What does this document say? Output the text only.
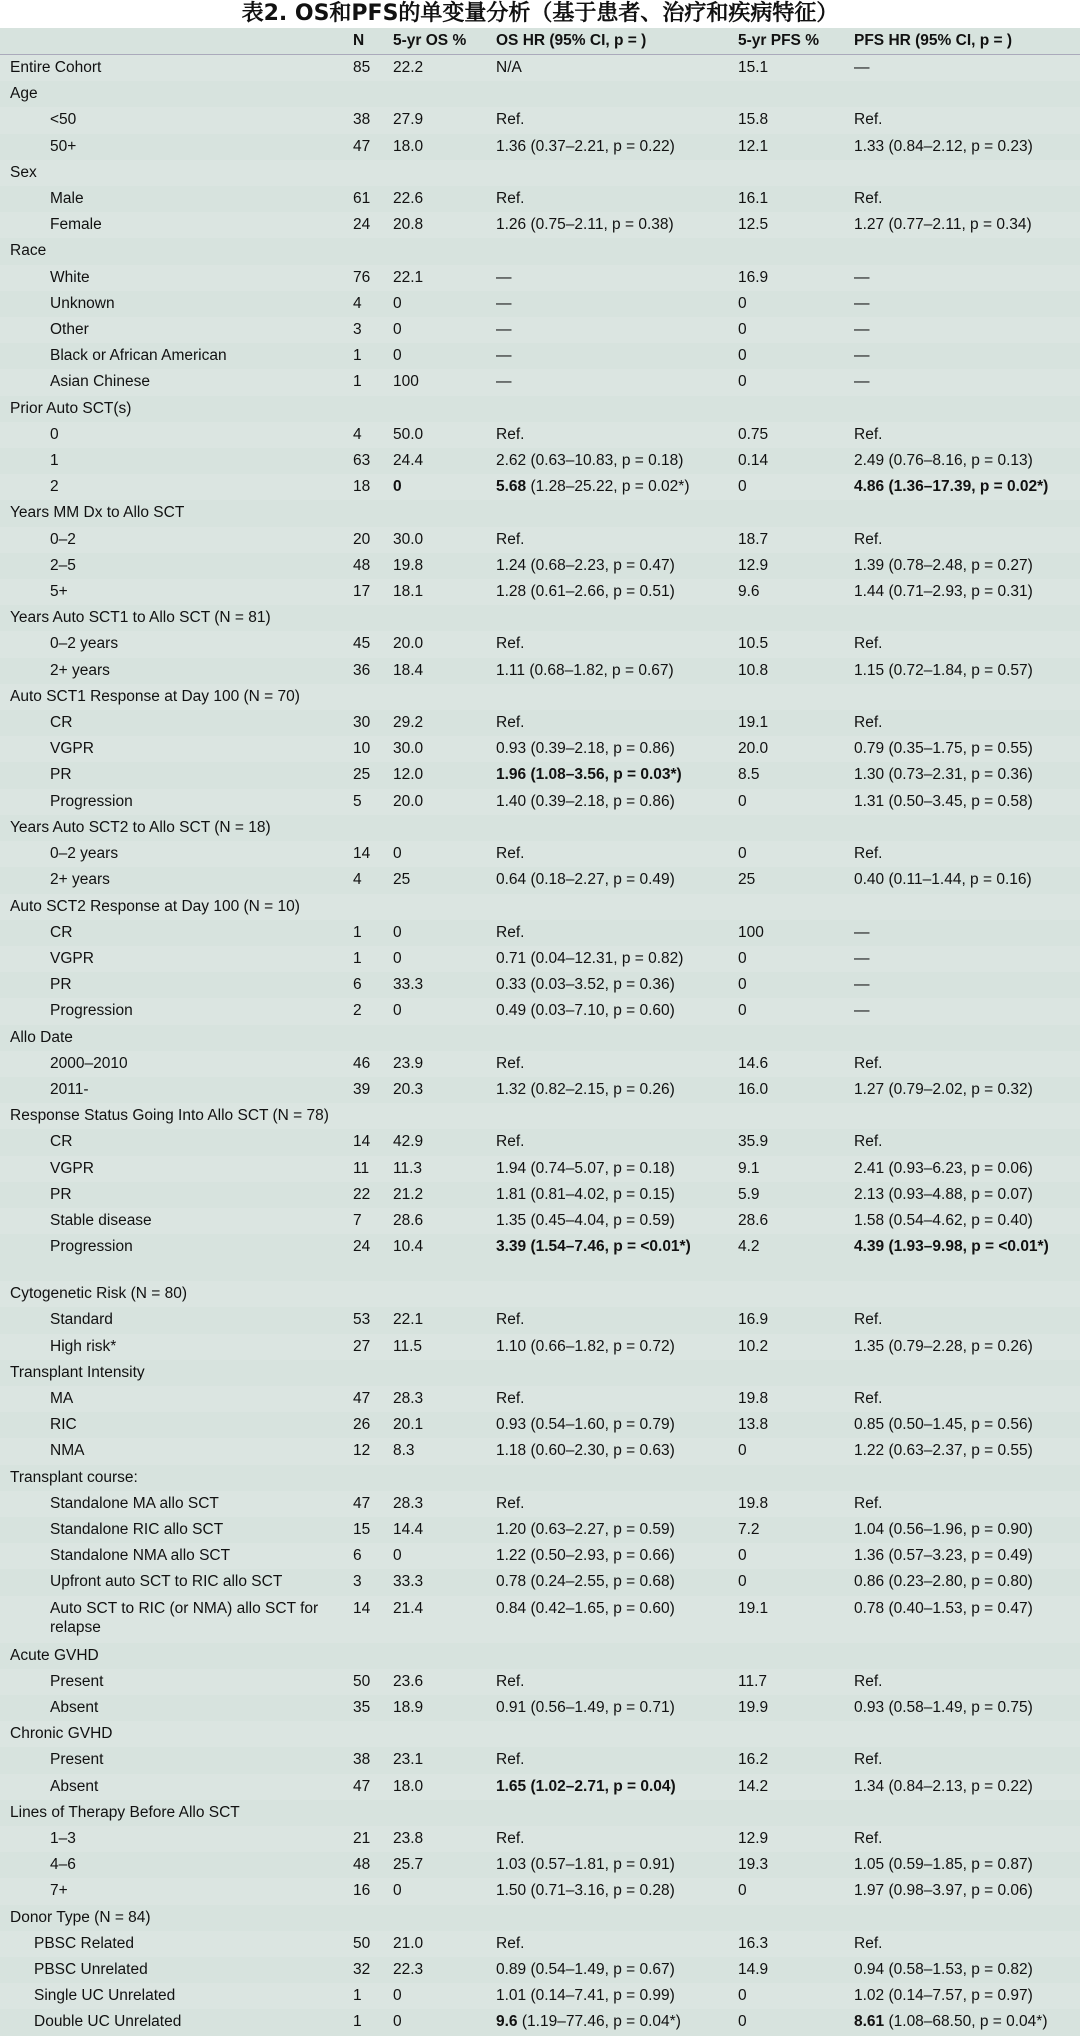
表2. OS和PFS的单变量分析（基于患者、治疗和疾病特征）
	N	5-yr OS %	OS HR (95% CI, p = )	5-yr PFS %	PFS HR (95% CI, p = )
Entire Cohort	85	22.2	N/A	15.1	—
Age					
<50	38	27.9	Ref.	15.8	Ref.
50+	47	18.0	1.36 (0.37–2.21, p = 0.22)	12.1	1.33 (0.84–2.12, p = 0.23)
Sex					
Male	61	22.6	Ref.	16.1	Ref.
Female	24	20.8	1.26 (0.75–2.11, p = 0.38)	12.5	1.27 (0.77–2.11, p = 0.34)
Race					
White	76	22.1	—	16.9	—
Unknown	4	0	—	0	—
Other	3	0	—	0	—
Black or African American	1	0	—	0	—
Asian Chinese	1	100	—	0	—
Prior Auto SCT(s)					
0	4	50.0	Ref.	0.75	Ref.
1	63	24.4	2.62 (0.63–10.83, p = 0.18)	0.14	2.49 (0.76–8.16, p = 0.13)
2	18	0	5.68 (1.28–25.22, p = 0.02*)	0	4.86 (1.36–17.39, p = 0.02*)
Years MM Dx to Allo SCT					
0–2	20	30.0	Ref.	18.7	Ref.
2–5	48	19.8	1.24 (0.68–2.23, p = 0.47)	12.9	1.39 (0.78–2.48, p = 0.27)
5+	17	18.1	1.28 (0.61–2.66, p = 0.51)	9.6	1.44 (0.71–2.93, p = 0.31)
Years Auto SCT1 to Allo SCT (N = 81)					
0–2 years	45	20.0	Ref.	10.5	Ref.
2+ years	36	18.4	1.11 (0.68–1.82, p = 0.67)	10.8	1.15 (0.72–1.84, p = 0.57)
Auto SCT1 Response at Day 100 (N = 70)					
CR	30	29.2	Ref.	19.1	Ref.
VGPR	10	30.0	0.93 (0.39–2.18, p = 0.86)	20.0	0.79 (0.35–1.75, p = 0.55)
PR	25	12.0	1.96 (1.08–3.56, p = 0.03*)	8.5	1.30 (0.73–2.31, p = 0.36)
Progression	5	20.0	1.40 (0.39–2.18, p = 0.86)	0	1.31 (0.50–3.45, p = 0.58)
Years Auto SCT2 to Allo SCT (N = 18)					
0–2 years	14	0	Ref.	0	Ref.
2+ years	4	25	0.64 (0.18–2.27, p = 0.49)	25	0.40 (0.11–1.44, p = 0.16)
Auto SCT2 Response at Day 100 (N = 10)					
CR	1	0	Ref.	100	—
VGPR	1	0	0.71 (0.04–12.31, p = 0.82)	0	—
PR	6	33.3	0.33 (0.03–3.52, p = 0.36)	0	—
Progression	2	0	0.49 (0.03–7.10, p = 0.60)	0	—
Allo Date					
2000–2010	46	23.9	Ref.	14.6	Ref.
2011-	39	20.3	1.32 (0.82–2.15, p = 0.26)	16.0	1.27 (0.79–2.02, p = 0.32)
Response Status Going Into Allo SCT (N = 78)					
CR	14	42.9	Ref.	35.9	Ref.
VGPR	11	11.3	1.94 (0.74–5.07, p = 0.18)	9.1	2.41 (0.93–6.23, p = 0.06)
PR	22	21.2	1.81 (0.81–4.02, p = 0.15)	5.9	2.13 (0.93–4.88, p = 0.07)
Stable disease	7	28.6	1.35 (0.45–4.04, p = 0.59)	28.6	1.58 (0.54–4.62, p = 0.40)
Progression	24	10.4	3.39 (1.54–7.46, p = <0.01*)	4.2	4.39 (1.93–9.98, p = <0.01*)
Cytogenetic Risk (N = 80)					
Standard	53	22.1	Ref.	16.9	Ref.
High risk*	27	11.5	1.10 (0.66–1.82, p = 0.72)	10.2	1.35 (0.79–2.28, p = 0.26)
Transplant Intensity					
MA	47	28.3	Ref.	19.8	Ref.
RIC	26	20.1	0.93 (0.54–1.60, p = 0.79)	13.8	0.85 (0.50–1.45, p = 0.56)
NMA	12	8.3	1.18 (0.60–2.30, p = 0.63)	0	1.22 (0.63–2.37, p = 0.55)
Transplant course:					
Standalone MA allo SCT	47	28.3	Ref.	19.8	Ref.
Standalone RIC allo SCT	15	14.4	1.20 (0.63–2.27, p = 0.59)	7.2	1.04 (0.56–1.96, p = 0.90)
Standalone NMA allo SCT	6	0	1.22 (0.50–2.93, p = 0.66)	0	1.36 (0.57–3.23, p = 0.49)
Upfront auto SCT to RIC allo SCT	3	33.3	0.78 (0.24–2.55, p = 0.68)	0	0.86 (0.23–2.80, p = 0.80)
Auto SCT to RIC (or NMA) allo SCT for relapse	14	21.4	0.84 (0.42–1.65, p = 0.60)	19.1	0.78 (0.40–1.53, p = 0.47)
Acute GVHD					
Present	50	23.6	Ref.	11.7	Ref.
Absent	35	18.9	0.91 (0.56–1.49, p = 0.71)	19.9	0.93 (0.58–1.49, p = 0.75)
Chronic GVHD					
Present	38	23.1	Ref.	16.2	Ref.
Absent	47	18.0	1.65 (1.02–2.71, p = 0.04)	14.2	1.34 (0.84–2.13, p = 0.22)
Lines of Therapy Before Allo SCT					
1–3	21	23.8	Ref.	12.9	Ref.
4–6	48	25.7	1.03 (0.57–1.81, p = 0.91)	19.3	1.05 (0.59–1.85, p = 0.87)
7+	16	0	1.50 (0.71–3.16, p = 0.28)	0	1.97 (0.98–3.97, p = 0.06)
Donor Type (N = 84)					
PBSC Related	50	21.0	Ref.	16.3	Ref.
PBSC Unrelated	32	22.3	0.89 (0.54–1.49, p = 0.67)	14.9	0.94 (0.58–1.53, p = 0.82)
Single UC Unrelated	1	0	1.01 (0.14–7.41, p = 0.99)	0	1.02 (0.14–7.57, p = 0.97)
Double UC Unrelated	1	0	9.6 (1.19–77.46, p = 0.04*)	0	8.61 (1.08–68.50, p = 0.04*)
